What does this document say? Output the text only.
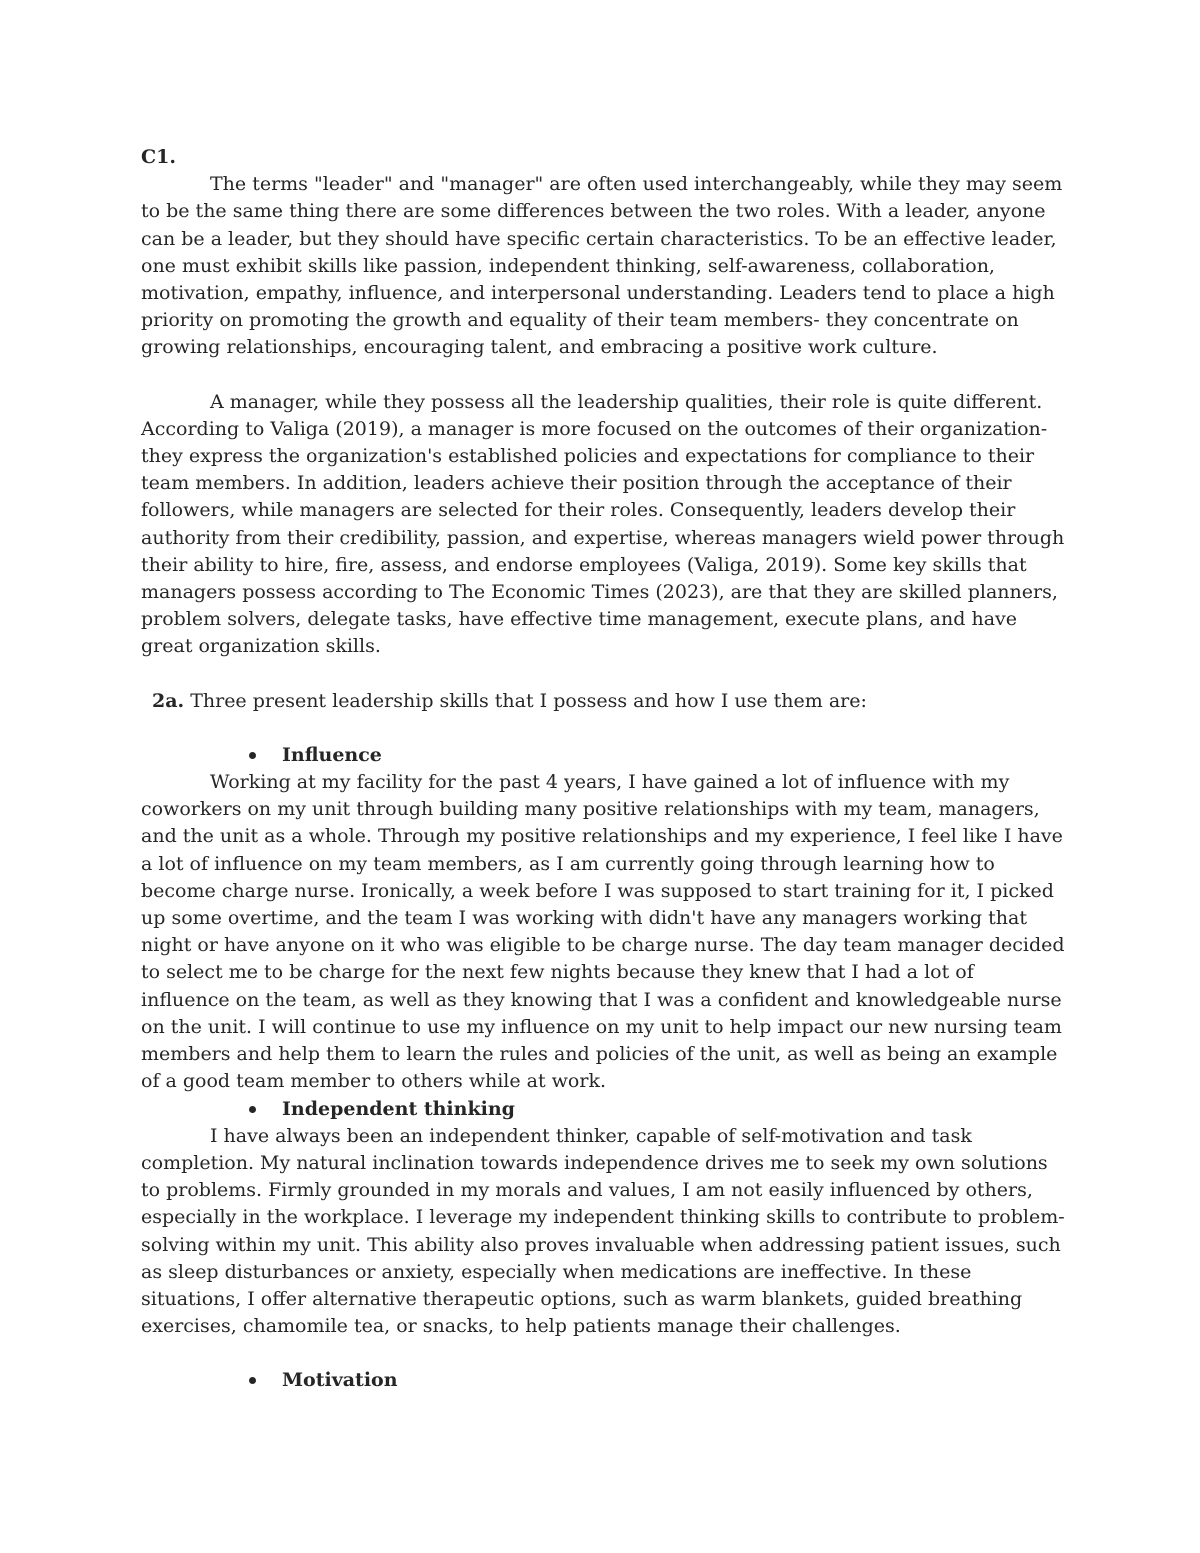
C1.

The terms "leader" and "manager" are often used interchangeably, while they may seem to be the same thing there are some differences between the two roles. With a leader, anyone can be a leader, but they should have specific certain characteristics. To be an effective leader, one must exhibit skills like passion, independent thinking, self-awareness, collaboration, motivation, empathy, influence, and interpersonal understanding. Leaders tend to place a high priority on promoting the growth and equality of their team members- they concentrate on growing relationships, encouraging talent, and embracing a positive work culture.

A manager, while they possess all the leadership qualities, their role is quite different. According to Valiga (2019), a manager is more focused on the outcomes of their organization- they express the organization's established policies and expectations for compliance to their team members. In addition, leaders achieve their position through the acceptance of their followers, while managers are selected for their roles. Consequently, leaders develop their authority from their credibility, passion, and expertise, whereas managers wield power through their ability to hire, fire, assess, and endorse employees (Valiga, 2019). Some key skills that managers possess according to The Economic Times (2023), are that they are skilled planners, problem solvers, delegate tasks, have effective time management, execute plans, and have great organization skills.

2a. Three present leadership skills that I possess and how I use them are:
Influence

Working at my facility for the past 4 years, I have gained a lot of influence with my coworkers on my unit through building many positive relationships with my team, managers, and the unit as a whole. Through my positive relationships and my experience, I feel like I have a lot of influence on my team members, as I am currently going through learning how to become charge nurse. Ironically, a week before I was supposed to start training for it, I picked up some overtime, and the team I was working with didn't have any managers working that night or have anyone on it who was eligible to be charge nurse. The day team manager decided to select me to be charge for the next few nights because they knew that I had a lot of influence on the team, as well as they knowing that I was a confident and knowledgeable nurse on the unit. I will continue to use my influence on my unit to help impact our new nursing team members and help them to learn the rules and policies of the unit, as well as being an example of a good team member to others while at work.

Independent thinking

I have always been an independent thinker, capable of self-motivation and task completion. My natural inclination towards independence drives me to seek my own solutions to problems. Firmly grounded in my morals and values, I am not easily influenced by others, especially in the workplace. I leverage my independent thinking skills to contribute to problem-solving within my unit. This ability also proves invaluable when addressing patient issues, such as sleep disturbances or anxiety, especially when medications are ineffective. In these situations, I offer alternative therapeutic options, such as warm blankets, guided breathing exercises, chamomile tea, or snacks, to help patients manage their challenges.

Motivation
